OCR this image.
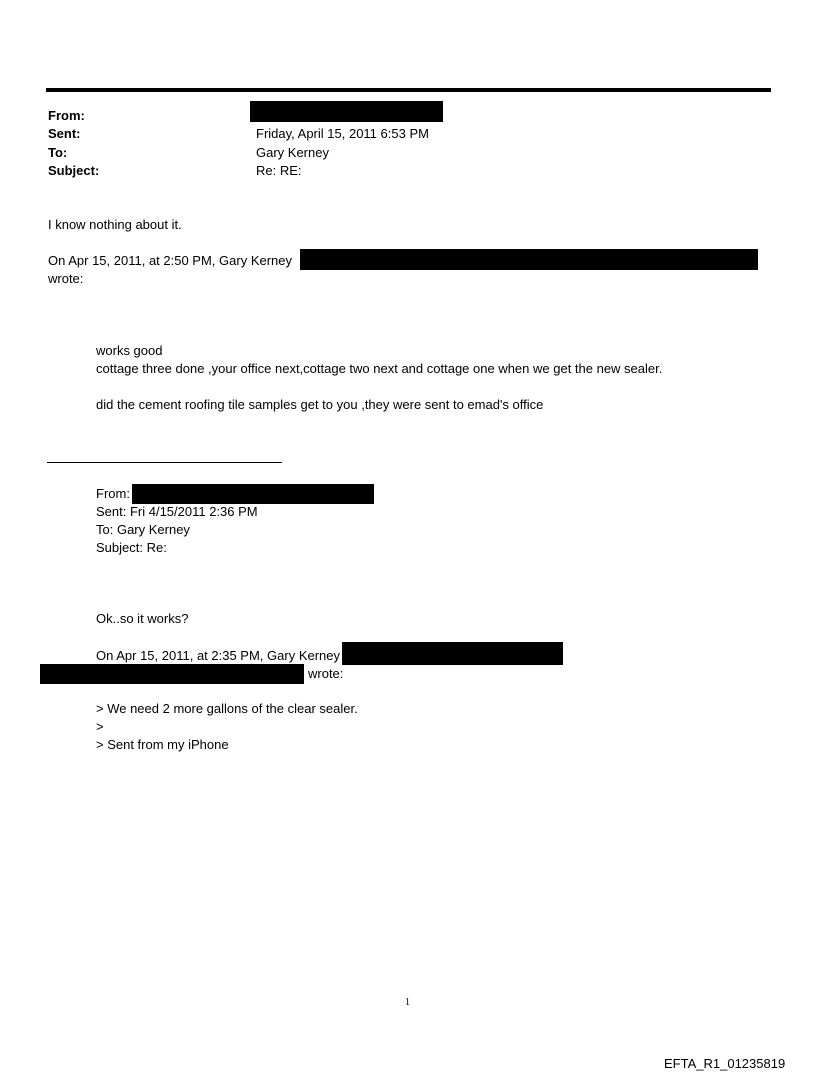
From:
Sent:	Friday, April 15, 2011 6:53 PM
To:	Gary Kerney
Subject:	Re: RE:
I know nothing about it.
On Apr 15, 2011, at 2:50 PM, Gary Kerney
wrote:
works good
cottage three done ,your office next,cottage two next and cottage one when we get the new sealer.
did the cement roofing tile samples get to you ,they were sent to emad's office
From:
Sent: Fri 4/15/2011 2:36 PM
To: Gary Kerney
Subject: Re:
Ok..so it works?
On Apr 15, 2011, at 2:35 PM, Gary Kerney
wrote:
> We need 2 more gallons of the clear sealer.
>
> Sent from my iPhone
1
EFTA_R1_01235819
